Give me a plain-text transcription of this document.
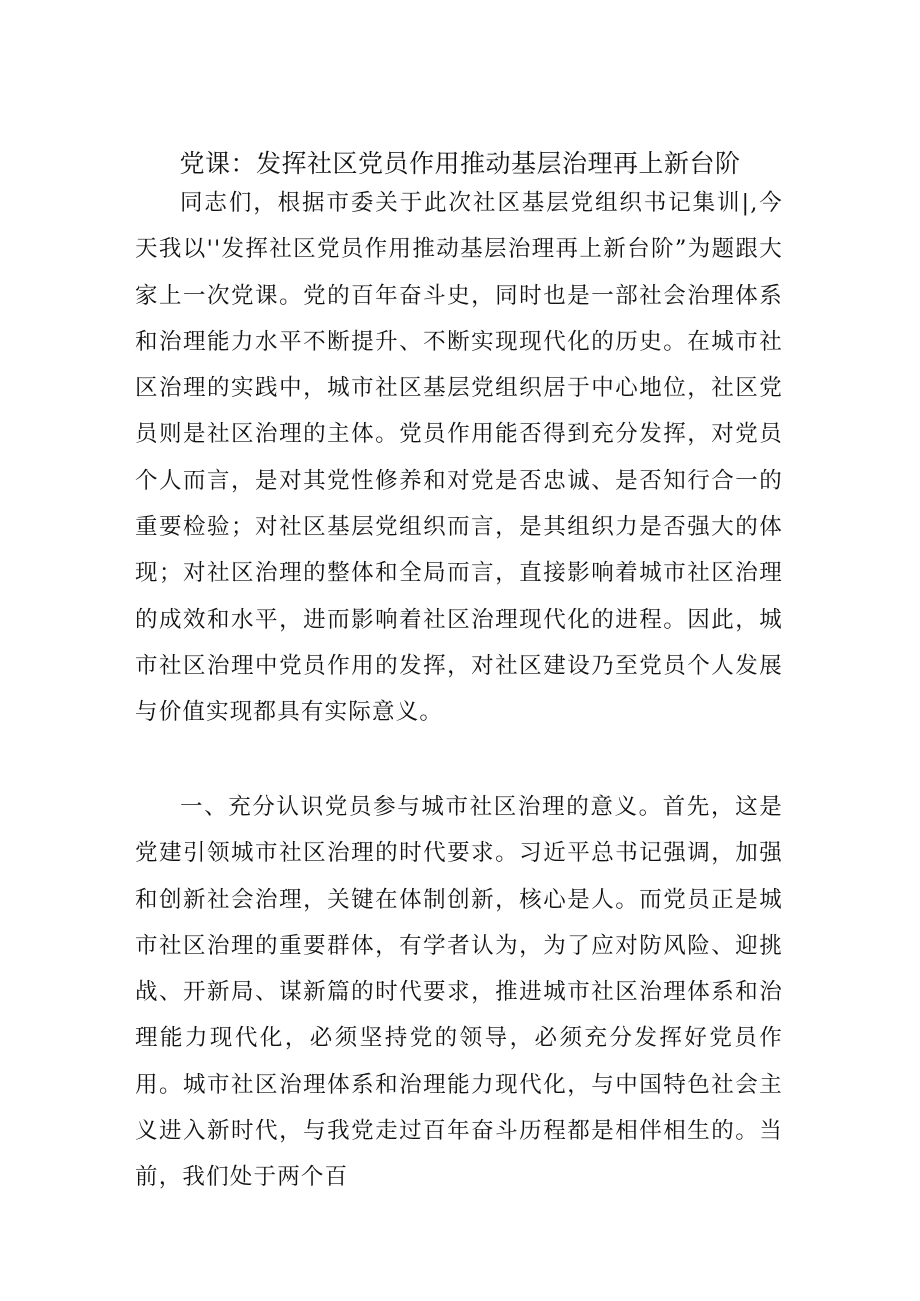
党课：发挥社区党员作用推动基层治理再上新台阶

同志们，根据市委关于此次社区基层党组织书记集训|,今天我以''发挥社区党员作用推动基层治理再上新台阶”为题跟大家上一次党课。党的百年奋斗史，同时也是一部社会治理体系和治理能力水平不断提升、不断实现现代化的历史。在城市社区治理的实践中，城市社区基层党组织居于中心地位，社区党员则是社区治理的主体。党员作用能否得到充分发挥，对党员个人而言，是对其党性修养和对党是否忠诚、是否知行合一的重要检验；对社区基层党组织而言，是其组织力是否强大的体现；对社区治理的整体和全局而言，直接影响着城市社区治理的成效和水平，进而影响着社区治理现代化的进程。因此，城市社区治理中党员作用的发挥，对社区建设乃至党员个人发展与价值实现都具有实际意义。

一、充分认识党员参与城市社区治理的意义。首先，这是党建引领城市社区治理的时代要求。习近平总书记强调，加强和创新社会治理，关键在体制创新，核心是人。而党员正是城市社区治理的重要群体，有学者认为，为了应对防风险、迎挑战、开新局、谋新篇的时代要求，推进城市社区治理体系和治理能力现代化，必须坚持党的领导，必须充分发挥好党员作用。城市社区治理体系和治理能力现代化，与中国特色社会主义进入新时代，与我党走过百年奋斗历程都是相伴相生的。当前，我们处于两个百
